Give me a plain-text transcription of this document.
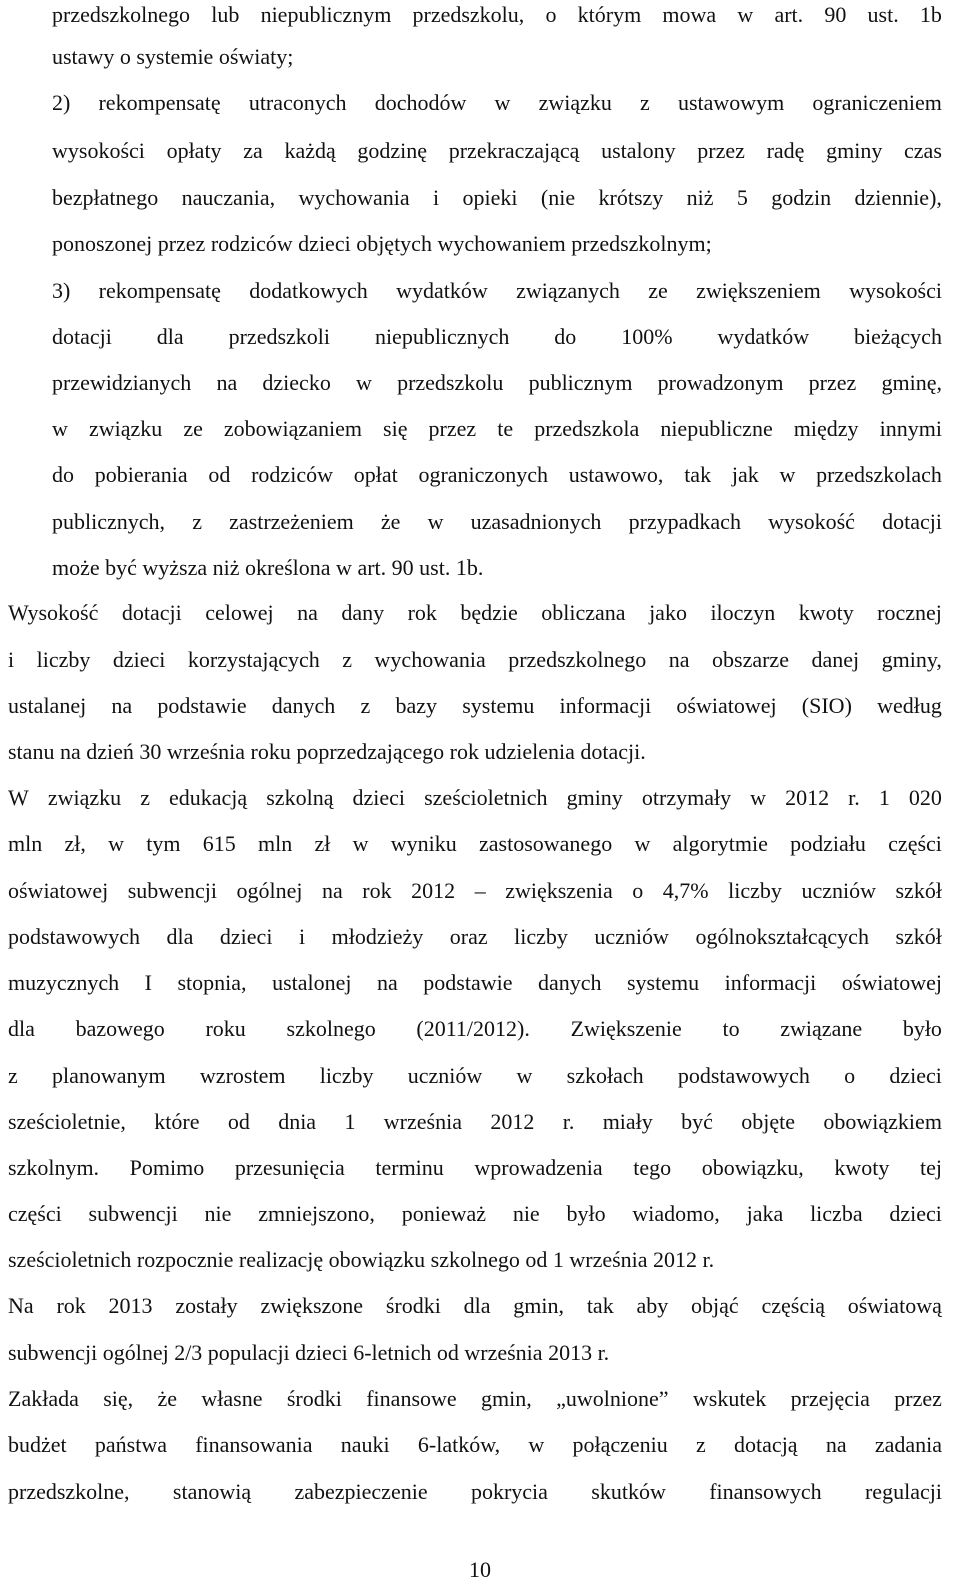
przedszkolnego lub niepublicznym przedszkolu, o którym mowa w art. 90 ust. 1b
ustawy o systemie oświaty;
2) rekompensatę utraconych dochodów w związku z ustawowym ograniczeniem
wysokości opłaty za każdą godzinę przekraczającą ustalony przez radę gminy czas
bezpłatnego nauczania, wychowania i opieki (nie krótszy niż 5 godzin dziennie),
ponoszonej przez rodziców dzieci objętych wychowaniem przedszkolnym;
3) rekompensatę dodatkowych wydatków związanych ze zwiększeniem wysokości
dotacji dla przedszkoli niepublicznych do 100% wydatków bieżących
przewidzianych na dziecko w przedszkolu publicznym prowadzonym przez gminę,
w związku ze zobowiązaniem się przez te przedszkola niepubliczne między innymi
do pobierania od rodziców opłat ograniczonych ustawowo, tak jak w przedszkolach
publicznych, z zastrzeżeniem że w uzasadnionych przypadkach wysokość dotacji
może być wyższa niż określona w art. 90 ust. 1b.
Wysokość dotacji celowej na dany rok będzie obliczana jako iloczyn kwoty rocznej
i liczby dzieci korzystających z wychowania przedszkolnego na obszarze danej gminy,
ustalanej na podstawie danych z bazy systemu informacji oświatowej (SIO) według
stanu na dzień 30 września roku poprzedzającego rok udzielenia dotacji.
W związku z edukacją szkolną dzieci sześcioletnich gminy otrzymały w 2012 r. 1 020
mln zł, w tym 615 mln zł w wyniku zastosowanego w algorytmie podziału części
oświatowej subwencji ogólnej na rok 2012 – zwiększenia o 4,7% liczby uczniów szkół
podstawowych dla dzieci i młodzieży oraz liczby uczniów ogólnokształcących szkół
muzycznych I stopnia, ustalonej na podstawie danych systemu informacji oświatowej
dla bazowego roku szkolnego (2011/2012). Zwiększenie to związane było
z planowanym wzrostem liczby uczniów w szkołach podstawowych o dzieci
sześcioletnie, które od dnia 1 września 2012 r. miały być objęte obowiązkiem
szkolnym. Pomimo przesunięcia terminu wprowadzenia tego obowiązku, kwoty tej
części subwencji nie zmniejszono, ponieważ nie było wiadomo, jaka liczba dzieci
sześcioletnich rozpocznie realizację obowiązku szkolnego od 1 września 2012 r.
Na rok 2013 zostały zwiększone środki dla gmin, tak aby objąć częścią oświatową
subwencji ogólnej 2/3 populacji dzieci 6-letnich od września 2013 r.
Zakłada się, że własne środki finansowe gmin, „uwolnione” wskutek przejęcia przez
budżet państwa finansowania nauki 6-latków, w połączeniu z dotacją na zadania
przedszkolne, stanowią zabezpieczenie pokrycia skutków finansowych regulacji
10
